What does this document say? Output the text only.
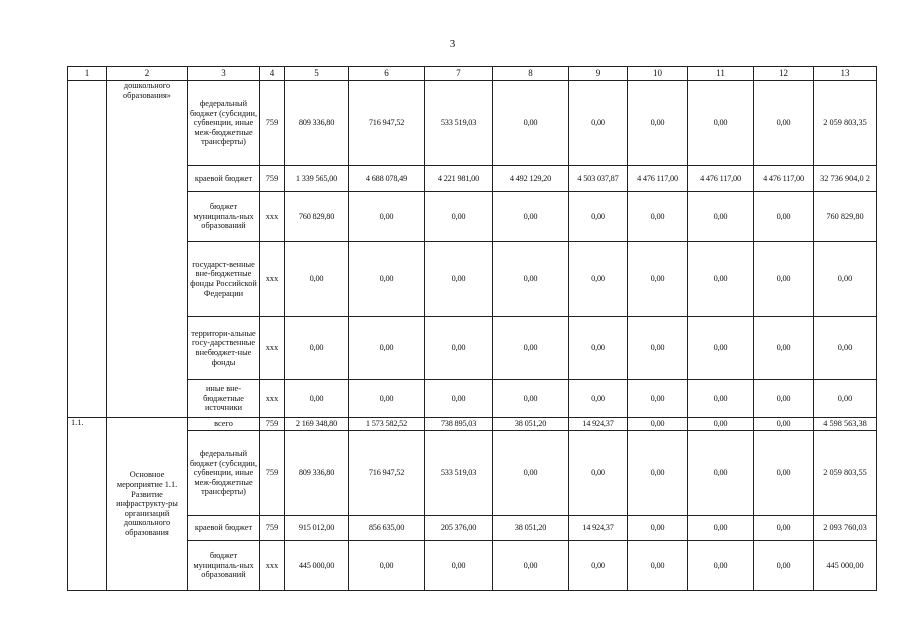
3
1	2	3	4	5	6	7	8	9	10	11	12	13
	дошкольного образования»	федеральный бюджет (субсидии, субвенции, иные меж-бюджетные трансферты)	759	809 336,80	716 947,52	533 519,03	0,00	0,00	0,00	0,00	0,00	2 059 803,35
		краевой бюджет	759	1 339 565,00	4 688 078,49	4 221 981,00	4 492 129,20	4 503 037,87	4 476 117,00	4 476 117,00	4 476 117,00	32 736 904,0 2
		бюджет муниципаль-ных образований	ххх	760 829,80	0,00	0,00	0,00	0,00	0,00	0,00	0,00	760 829,80
		государст-венные вне-бюджетные фонды Российской Федерации	ххх	0,00	0,00	0,00	0,00	0,00	0,00	0,00	0,00	0,00
		территори-альные госу-дарственные внебюджет-ные фонды	ххх	0,00	0,00	0,00	0,00	0,00	0,00	0,00	0,00	0,00
		иные вне-бюджетные источники	ххх	0,00	0,00	0,00	0,00	0,00	0,00	0,00	0,00	0,00
1.1.	Основное мероприятие 1.1. Развитие инфраструкту-ры организаций дошкольного образования	всего	759	2 169 348,80	1 573 582,52	738 895,03	38 051,20	14 924,37	0,00	0,00	0,00	4 598 563,38
		федеральный бюджет (субсидии, субвенции, иные меж-бюджетные трансферты)	759	809 336,80	716 947,52	533 519,03	0,00	0,00	0,00	0,00	0,00	2 059 803,55
		краевой бюджет	759	915 012,00	856 635,00	205 376,00	38 051,20	14 924,37	0,00	0,00	0,00	2 093 760,03
		бюджет муниципаль-ных образований	ххх	445 000,00	0,00	0,00	0,00	0,00	0,00	0,00	0,00	445 000,00
